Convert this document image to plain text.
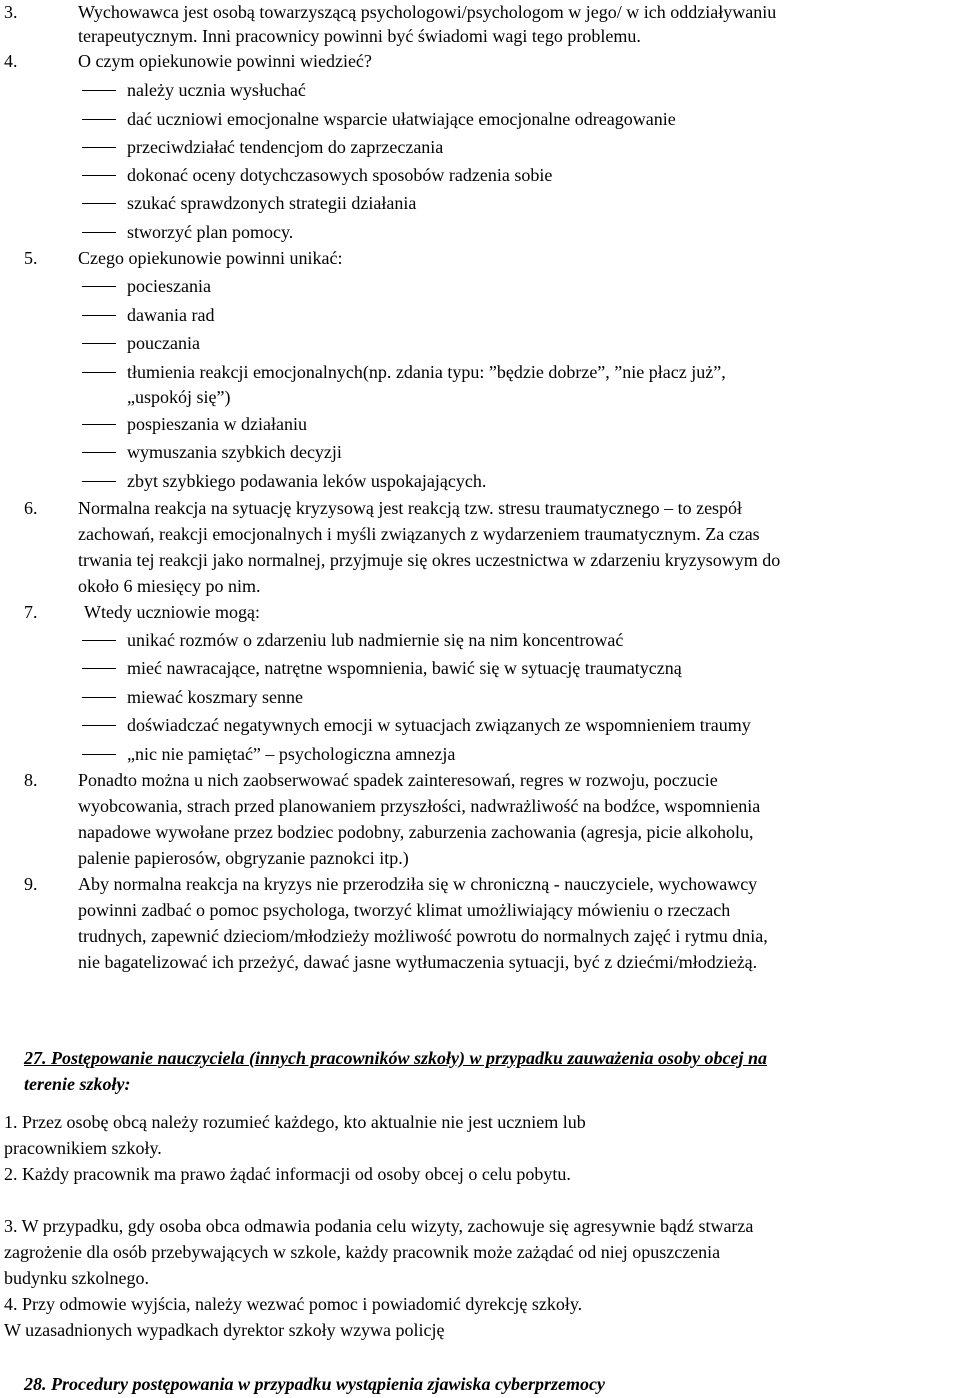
3.	Wychowawca jest osobą towarzyszącą psychologowi/psychologom w jego/ w ich oddziaływaniu
terapeutycznym. Inni pracownicy powinni być świadomi wagi tego problemu.
4.	O czym opiekunowie powinni wiedzieć?
należy ucznia wysłuchać
dać uczniowi emocjonalne wsparcie ułatwiające emocjonalne odreagowanie
przeciwdziałać tendencjom do zaprzeczania
dokonać oceny dotychczasowych sposobów radzenia sobie
szukać sprawdzonych strategii działania
stworzyć plan pomocy.
5. Czego opiekunowie powinni unikać:
pocieszania
dawania rad
pouczania
tłumienia reakcji emocjonalnych(np. zdania typu: ”będzie dobrze”, ”nie płacz już”,
„uspokój się”)
pospieszania w działaniu
wymuszania szybkich decyzji
zbyt szybkiego podawania leków uspokajających.
6. Normalna reakcja na sytuację kryzysową jest reakcją tzw. stresu traumatycznego – to zespół
zachowań, reakcji emocjonalnych i myśli związanych z wydarzeniem traumatycznym. Za czas
trwania tej reakcji jako normalnej, przyjmuje się okres uczestnictwa w zdarzeniu kryzysowym do
około 6 miesięcy po nim.
7.	Wtedy uczniowie mogą:
unikać rozmów o zdarzeniu lub nadmiernie się na nim koncentrować
mieć nawracające, natrętne wspomnienia, bawić się w sytuację traumatyczną
miewać koszmary senne
doświadczać negatywnych emocji w sytuacjach związanych ze wspomnieniem traumy
„nic nie pamiętać” – psychologiczna amnezja
8. Ponadto można u nich zaobserwować spadek zainteresowań, regres w rozwoju, poczucie
wyobcowania, strach przed planowaniem przyszłości, nadwrażliwość na bodźce, wspomnienia
napadowe wywołane przez bodziec podobny, zaburzenia zachowania (agresja, picie alkoholu,
palenie papierosów, obgryzanie paznokci itp.)
9. Aby normalna reakcja na kryzys nie przerodziła się w chroniczną - nauczyciele, wychowawcy
powinni zadbać o pomoc psychologa, tworzyć klimat umożliwiający mówieniu o rzeczach
trudnych, zapewnić dzieciom/młodzieży możliwość powrotu do normalnych zajęć i rytmu dnia,
nie bagatelizować ich przeżyć, dawać jasne wytłumaczenia sytuacji, być z dziećmi/młodzieżą.
27. Postępowanie nauczyciela (innych pracowników szkoły) w przypadku zauważenia osoby obcej na
terenie szkoły:
1. Przez osobę obcą należy rozumieć każdego, kto aktualnie nie jest uczniem lub
pracownikiem szkoły.
2. Każdy pracownik ma prawo żądać informacji od osoby obcej o celu pobytu.
3. W przypadku, gdy osoba obca odmawia podania celu wizyty, zachowuje się agresywnie bądź stwarza
zagrożenie dla osób przebywających w szkole, każdy pracownik może zażądać od niej opuszczenia
budynku szkolnego.
4. Przy odmowie wyjścia, należy wezwać pomoc i powiadomić dyrekcję szkoły.
W uzasadnionych wypadkach dyrektor szkoły wzywa policję
28. Procedury postępowania w przypadku wystąpienia zjawiska cyberprzemocy
